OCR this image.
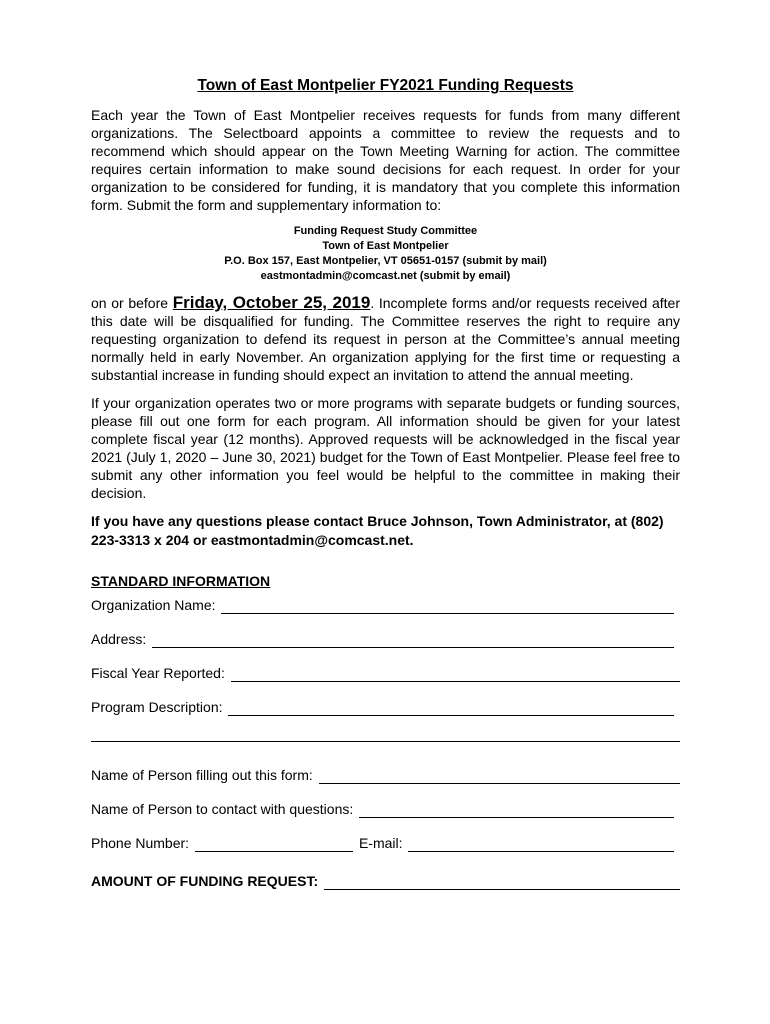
Town of East Montpelier FY2021 Funding Requests

Each year the Town of East Montpelier receives requests for funds from many different organizations. The Selectboard appoints a committee to review the requests and to recommend which should appear on the Town Meeting Warning for action. The committee requires certain information to make sound decisions for each request. In order for your organization to be considered for funding, it is mandatory that you complete this information form. Submit the form and supplementary information to:

Funding Request Study Committee
Town of East Montpelier
P.O. Box 157, East Montpelier, VT 05651-0157 (submit by mail)
eastmontadmin@comcast.net (submit by email)

on or before Friday, October 25, 2019. Incomplete forms and/or requests received after this date will be disqualified for funding. The Committee reserves the right to require any requesting organization to defend its request in person at the Committee’s annual meeting normally held in early November. An organization applying for the first time or requesting a substantial increase in funding should expect an invitation to attend the annual meeting.

If your organization operates two or more programs with separate budgets or funding sources, please fill out one form for each program. All information should be given for your latest complete fiscal year (12 months). Approved requests will be acknowledged in the fiscal year 2021 (July 1, 2020 – June 30, 2021) budget for the Town of East Montpelier. Please feel free to submit any other information you feel would be helpful to the committee in making their decision.

If you have any questions please contact Bruce Johnson, Town Administrator, at (802) 223-3313 x 204 or eastmontadmin@comcast.net.

STANDARD INFORMATION
Organization Name:
Address:
Fiscal Year Reported:
Program Description:
Name of Person filling out this form:
Name of Person to contact with questions:
Phone Number:	E-mail:
AMOUNT OF FUNDING REQUEST:
